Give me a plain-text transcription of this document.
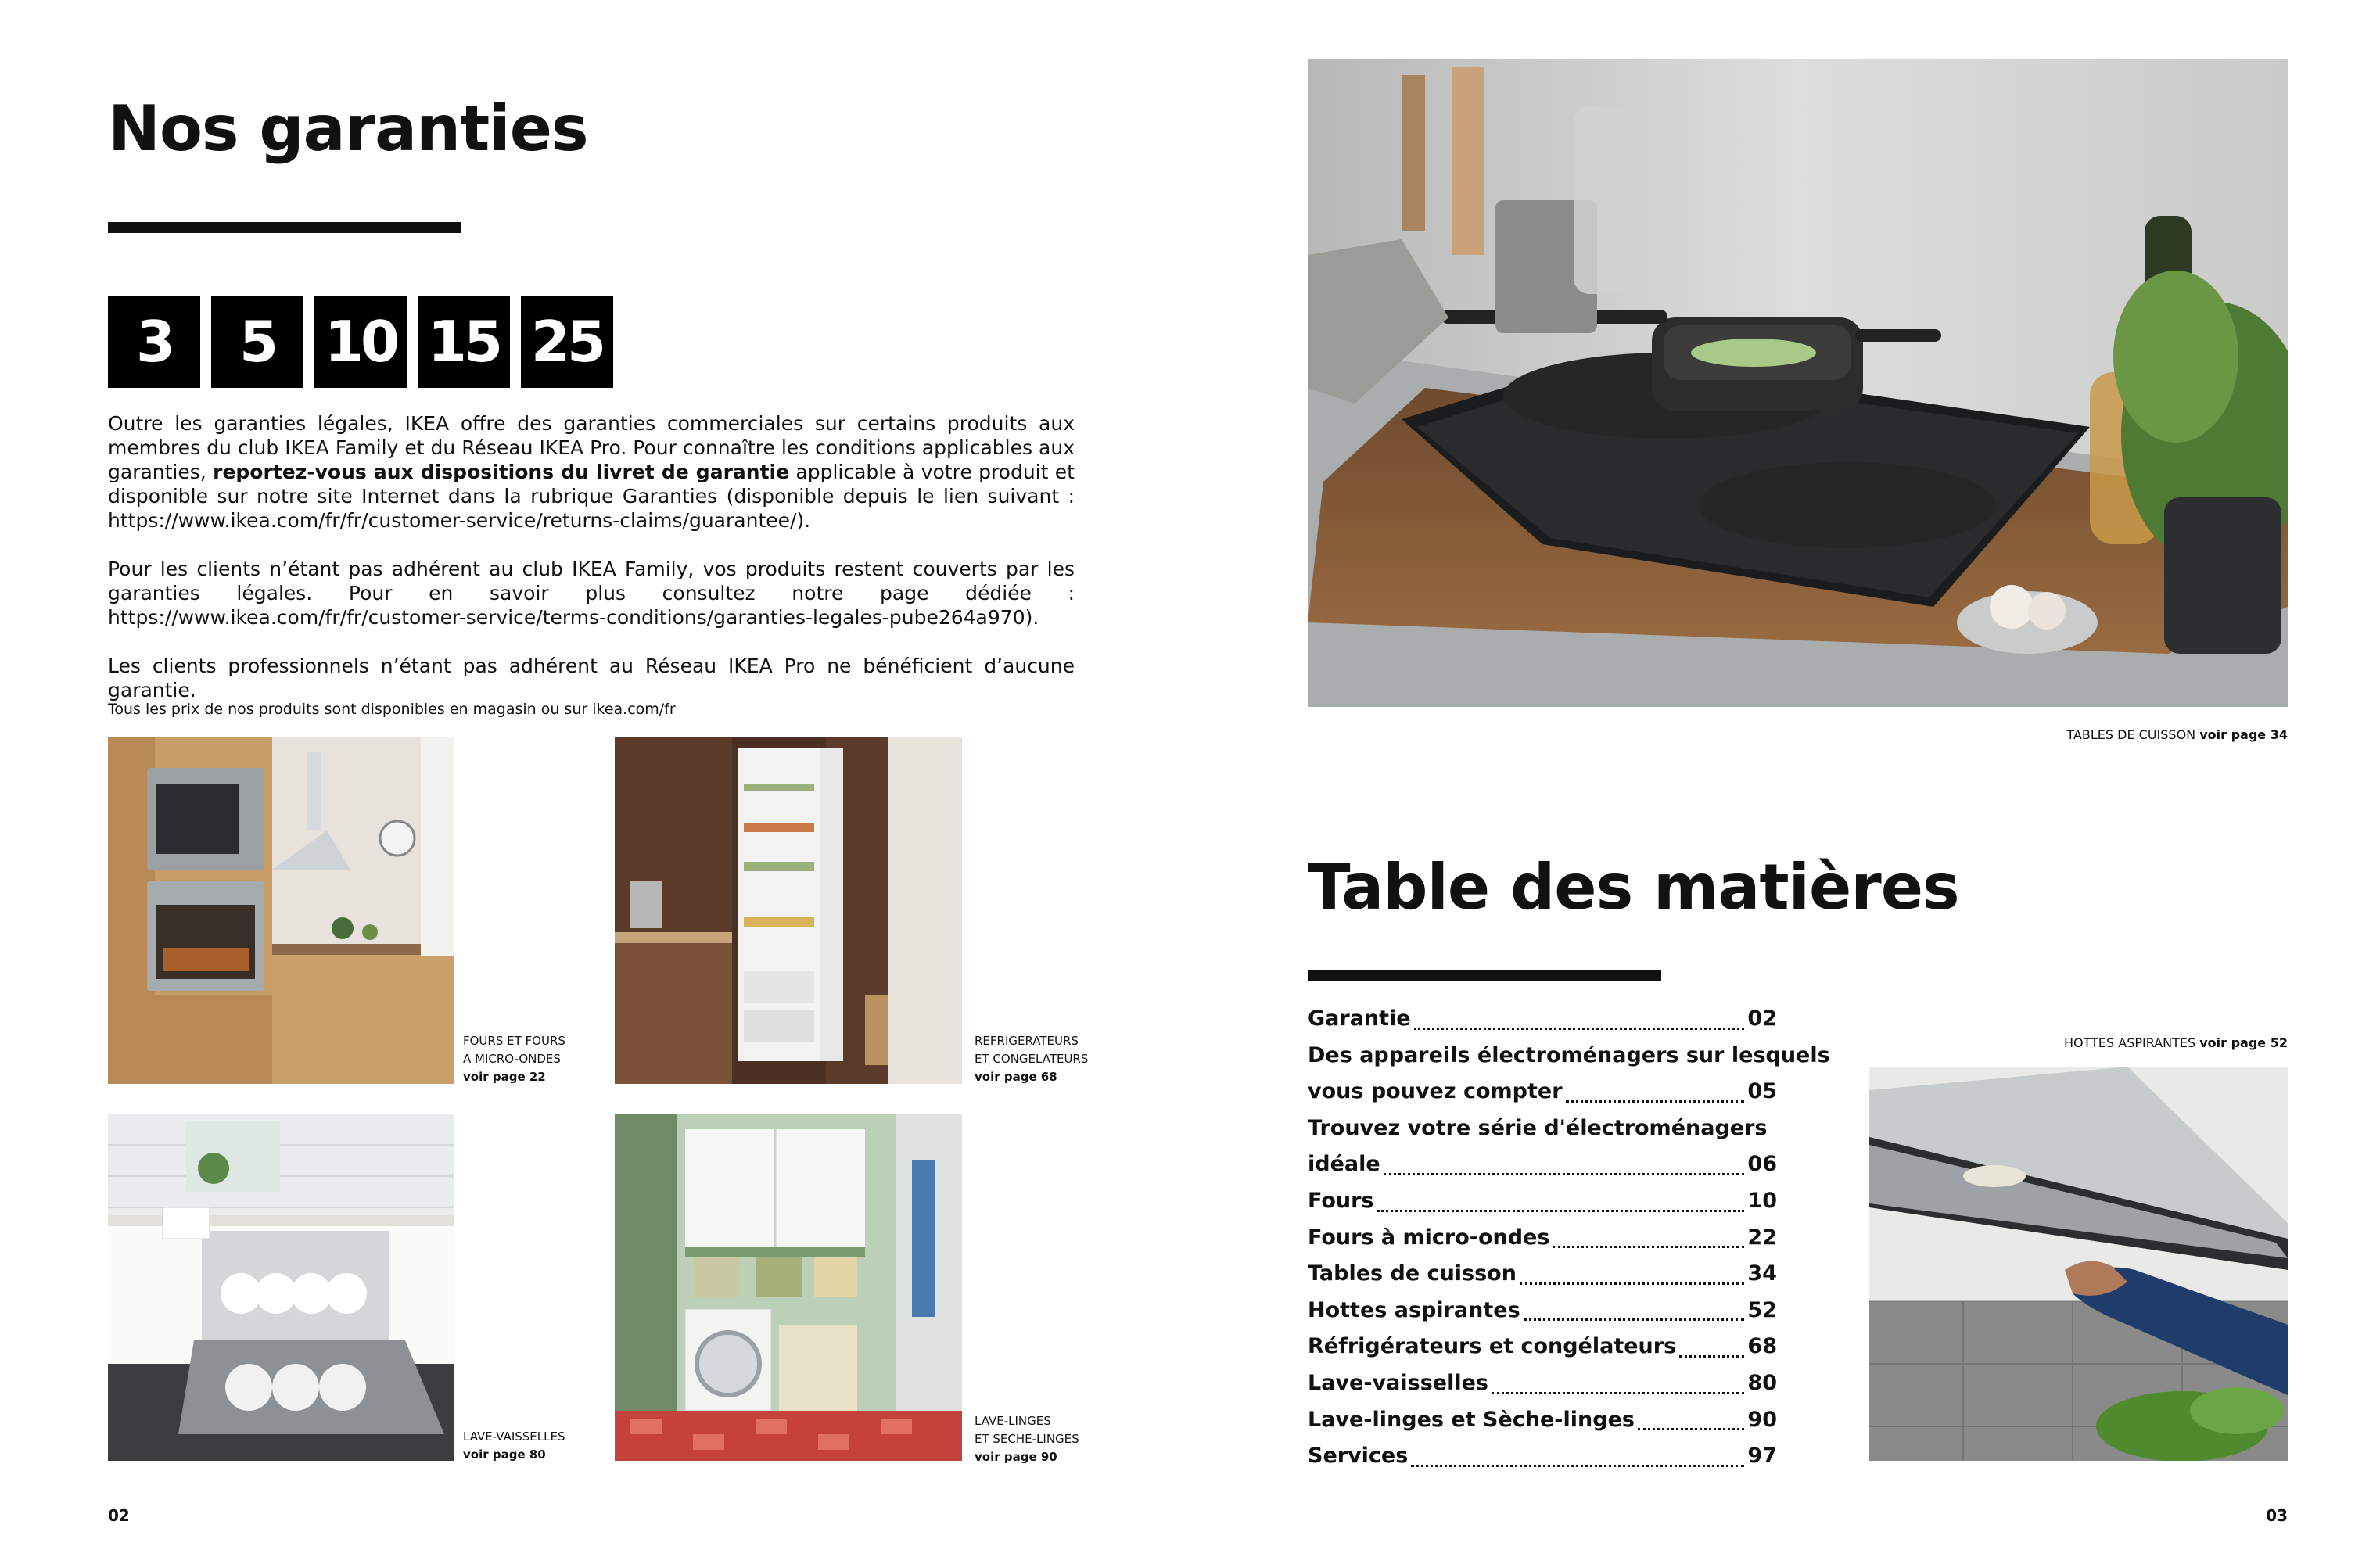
Nos garanties
3	5 10 15 25

Outre les garanties légales, IKEA offre des garanties commerciales sur certains produits aux membres du club IKEA Family et du Réseau IKEA Pro. Pour connaître les conditions applicables aux garanties, reportez-vous aux dispositions du livret de garantie applicable à votre produit et disponible sur notre site Internet dans la rubrique Garanties (disponible depuis le lien suivant : https://www.ikea.com/fr/fr/customer-service/returns-claims/guarantee/).

Pour les clients n’étant pas adhérent au club IKEA Family, vos produits restent couverts par les garanties légales. Pour en savoir plus consultez notre page dédiée : https://www.ikea.com/fr/fr/customer-service/terms-conditions/garanties-legales-pube264a970).

Les clients professionnels n’étant pas adhérent au Réseau IKEA Pro ne bénéficient d’aucune garantie.

Tous les prix de nos produits sont disponibles en magasin ou sur ikea.com/fr
FOURS ET FOURS
A MICRO-ONDES
voir page 22
REFRIGERATEURS
ET CONGELATEURS
voir page 68
LAVE-VAISSELLES
voir page 80
LAVE-LINGES
ET SECHE-LINGES
voir page 90
02
TABLES DE CUISSON voir page 34
Table des matières
Garantie	02
Des appareils électroménagers sur lesquels
vous pouvez compter	05
Trouvez votre série d'électroménagers
idéale	06
Fours	10
Fours à micro-ondes	22
Tables de cuisson	34
Hottes aspirantes	52
Réfrigérateurs et congélateurs	68
Lave-vaisselles	80
Lave-linges et Sèche-linges	90
Services	97
HOTTES ASPIRANTES voir page 52
03
